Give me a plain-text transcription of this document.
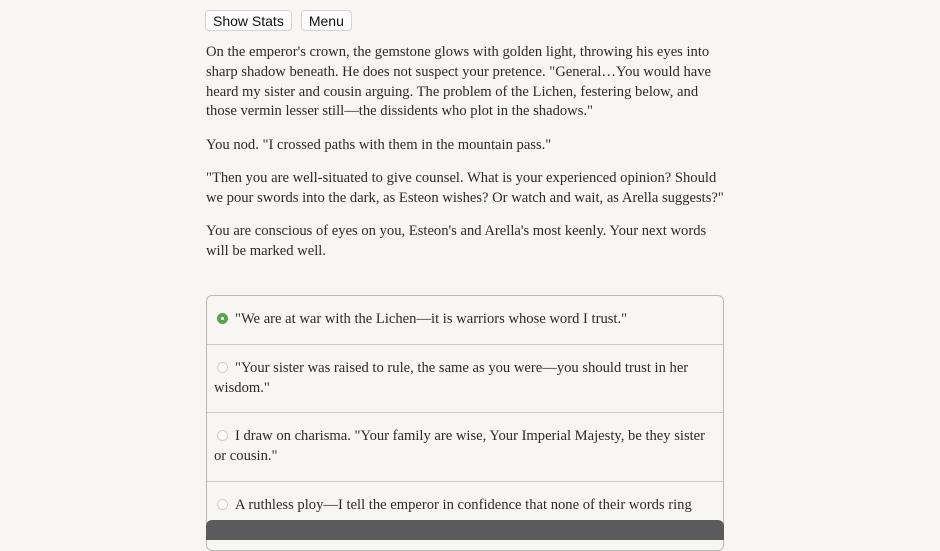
Show Stats	Menu

On the emperor's crown, the gemstone glows with golden light, throwing his eyes into sharp shadow beneath. He does not suspect your pretence. "General…You would have heard my sister and cousin arguing. The problem of the Lichen, festering below, and those vermin lesser still—the dissidents who plot in the shadows."

You nod. "I crossed paths with them in the mountain pass."

"Then you are well-situated to give counsel. What is your experienced opinion? Should we pour swords into the dark, as Esteon wishes? Or watch and wait, as Arella suggests?"

You are conscious of eyes on you, Esteon's and Arella's most keenly. Your next words will be marked well.

"We are at war with the Lichen—it is warriors whose word I trust."
"Your sister was raised to rule, the same as you were—you should trust in her wisdom."
I draw on charisma. "Your family are wise, Your Imperial Majesty, be they sister or cousin."
A ruthless ploy—I tell the emperor in confidence that none of their words ring
